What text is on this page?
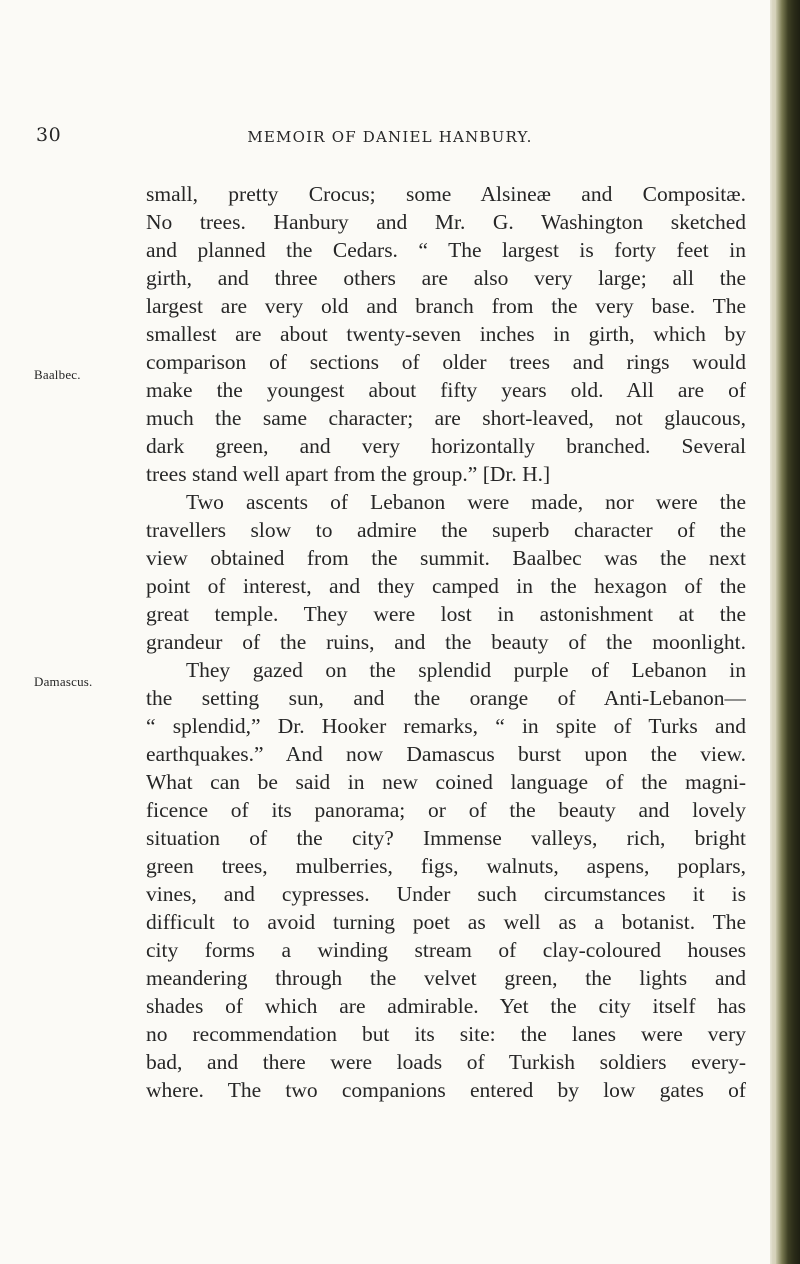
30	MEMOIR OF DANIEL HANBURY.
Baalbec.
Damascus.
small, pretty Crocus; some Alsineæ and Compositæ.
No trees. Hanbury and Mr. G. Washington sketched
and planned the Cedars. “ The largest is forty feet in
girth, and three others are also very large; all the
largest are very old and branch from the very base. The
smallest are about twenty-seven inches in girth, which by
comparison of sections of older trees and rings would
make the youngest about fifty years old. All are of
much the same character; are short-leaved, not glaucous,
dark green, and very horizontally branched. Several
trees stand well apart from the group.” [Dr. H.]
Two ascents of Lebanon were made, nor were the
travellers slow to admire the superb character of the
view obtained from the summit. Baalbec was the next
point of interest, and they camped in the hexagon of the
great temple. They were lost in astonishment at the
grandeur of the ruins, and the beauty of the moonlight.
They gazed on the splendid purple of Lebanon in
the setting sun, and the orange of Anti-Lebanon—
“ splendid,” Dr. Hooker remarks, “ in spite of Turks and
earthquakes.” And now Damascus burst upon the view.
What can be said in new coined language of the magni-
ficence of its panorama; or of the beauty and lovely
situation of the city? Immense valleys, rich, bright
green trees, mulberries, figs, walnuts, aspens, poplars,
vines, and cypresses. Under such circumstances it is
difficult to avoid turning poet as well as a botanist. The
city forms a winding stream of clay-coloured houses
meandering through the velvet green, the lights and
shades of which are admirable. Yet the city itself has
no recommendation but its site: the lanes were very
bad, and there were loads of Turkish soldiers every-
where. The two companions entered by low gates of
